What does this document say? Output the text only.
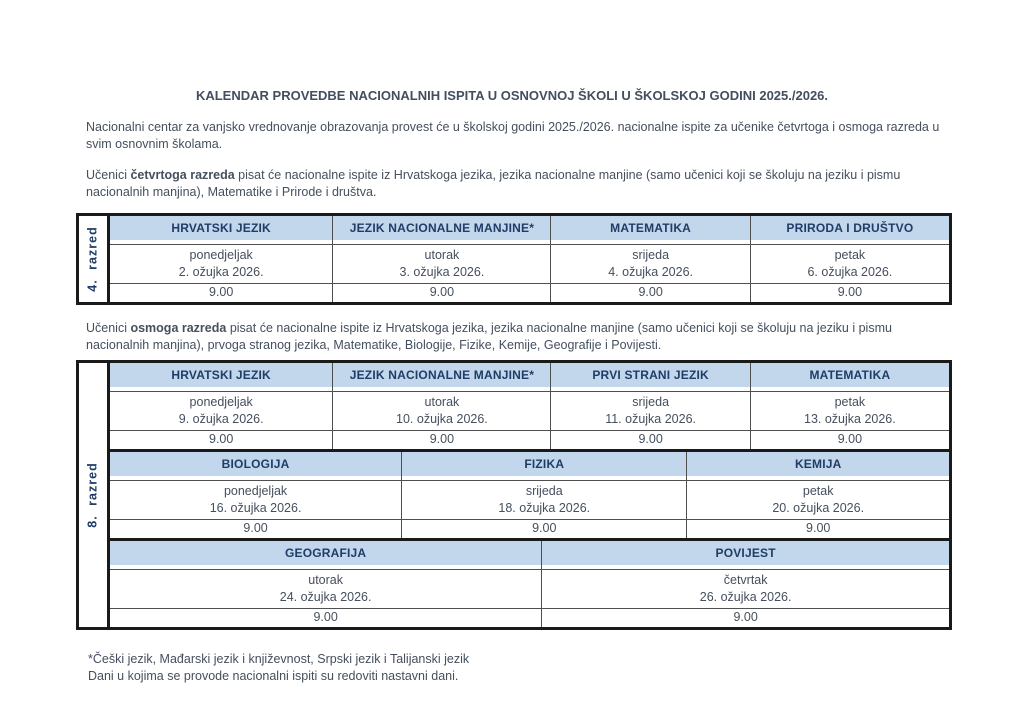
KALENDAR PROVEDBE NACIONALNIH ISPITA U OSNOVNOJ ŠKOLI U ŠKOLSKOJ GODINI 2025./2026.

Nacionalni centar za vanjsko vrednovanje obrazovanja provest će u školskoj godini 2025./2026. nacionalne ispite za učenike četvrtoga i osmoga razreda u svim osnovnim školama.

Učenici četvrtoga razreda pisat će nacionalne ispite iz Hrvatskoga jezika, jezika nacionalne manjine (samo učenici koji se školuju na jeziku i pismu nacionalnih manjina), Matematike i Prirode i društva.

4. razred	HRVATSKI JEZIK	JEZIK NACIONALNE MANJINE*	MATEMATIKA	PRIRODA I DRUŠTVO
ponedjeljak
2. ožujka 2026.
utorak
3. ožujka 2026.
srijeda
4. ožujka 2026.
petak
6. ožujka 2026.
9.00	9.00	9.00	9.00

Učenici osmoga razreda pisat će nacionalne ispite iz Hrvatskoga jezika, jezika nacionalne manjine (samo učenici koji se školuju na jeziku i pismu nacionalnih manjina), prvoga stranog jezika, Matematike, Biologije, Fizike, Kemije, Geografije i Povijesti.

8. razred
HRVATSKI JEZIK	JEZIK NACIONALNE MANJINE*	PRVI STRANI JEZIK	MATEMATIKA
ponedjeljak
9. ožujka 2026.
utorak
10. ožujka 2026.
srijeda
11. ožujka 2026.
petak
13. ožujka 2026.
9.00	9.00	9.00	9.00
BIOLOGIJA	FIZIKA	KEMIJA
ponedjeljak
16. ožujka 2026.
srijeda
18. ožujka 2026.
petak
20. ožujka 2026.
9.00	9.00	9.00
GEOGRAFIJA	POVIJEST
utorak
24. ožujka 2026.
četvrtak
26. ožujka 2026.
9.00	9.00
*Češki jezik, Mađarski jezik i književnost, Srpski jezik i Talijanski jezik
Dani u kojima se provode nacionalni ispiti su redoviti nastavni dani.
